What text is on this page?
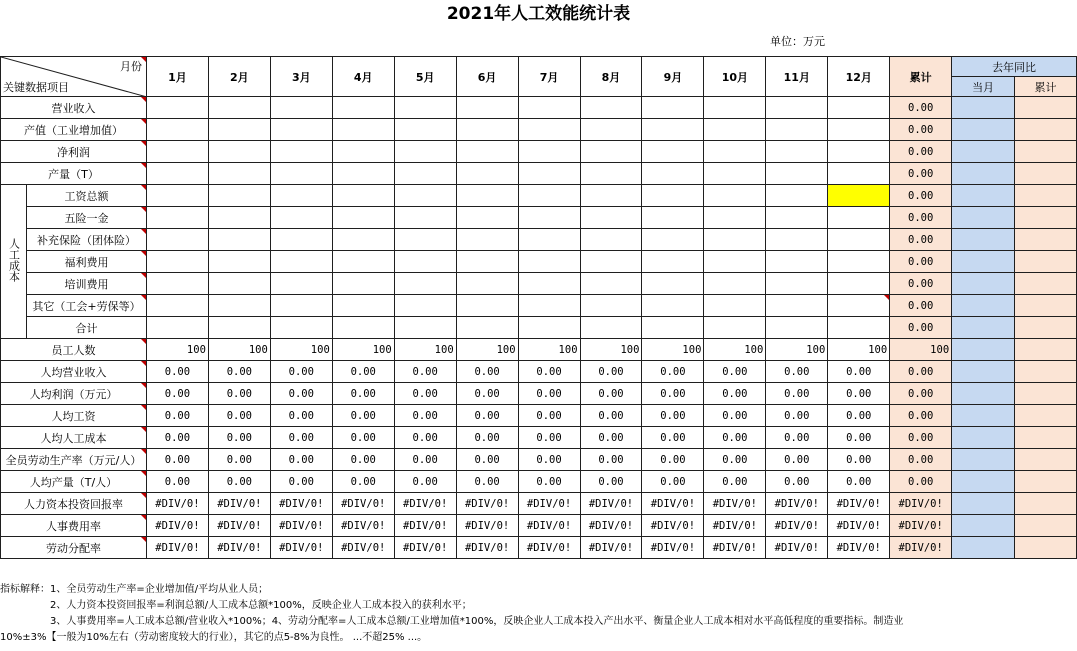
2021年人工效能统计表
单位：万元
月份
关键数据项目		1月	2月	3月	4月	5月	6月	7月	8月	9月	10月	11月	12月	累计	去年同比	
															当月	累计
营业收入														0.00		
产值（工业增加值）														0.00		
净利润														0.00		
产量（T）														0.00		
人工成本	工资总额													0.00		
	五险一金													0.00		
	补充保险（团体险）													0.00		
	福利费用													0.00		
	培训费用													0.00		
	其它（工会+劳保等）													0.00		
	合计													0.00		
员工人数		100	100	100	100	100	100	100	100	100	100	100	100	100		
人均营业收入		0.00	0.00	0.00	0.00	0.00	0.00	0.00	0.00	0.00	0.00	0.00	0.00	0.00		
人均利润（万元）		0.00	0.00	0.00	0.00	0.00	0.00	0.00	0.00	0.00	0.00	0.00	0.00	0.00		
人均工资		0.00	0.00	0.00	0.00	0.00	0.00	0.00	0.00	0.00	0.00	0.00	0.00	0.00		
人均人工成本		0.00	0.00	0.00	0.00	0.00	0.00	0.00	0.00	0.00	0.00	0.00	0.00	0.00		
全员劳动生产率（万元/人）		0.00	0.00	0.00	0.00	0.00	0.00	0.00	0.00	0.00	0.00	0.00	0.00	0.00		
人均产量（T/人）		0.00	0.00	0.00	0.00	0.00	0.00	0.00	0.00	0.00	0.00	0.00	0.00	0.00		
人力资本投资回报率		#DIV/0!	#DIV/0!	#DIV/0!	#DIV/0!	#DIV/0!	#DIV/0!	#DIV/0!	#DIV/0!	#DIV/0!	#DIV/0!	#DIV/0!	#DIV/0!	#DIV/0!		
人事费用率		#DIV/0!	#DIV/0!	#DIV/0!	#DIV/0!	#DIV/0!	#DIV/0!	#DIV/0!	#DIV/0!	#DIV/0!	#DIV/0!	#DIV/0!	#DIV/0!	#DIV/0!		
劳动分配率		#DIV/0!	#DIV/0!	#DIV/0!	#DIV/0!	#DIV/0!	#DIV/0!	#DIV/0!	#DIV/0!	#DIV/0!	#DIV/0!	#DIV/0!	#DIV/0!	#DIV/0!		
指标解释：1、全员劳动生产率=企业增加值/平均从业人员；
2、人力资本投资回报率=利润总额/人工成本总额*100%，反映企业人工成本投入的获利水平；
3、人事费用率=人工成本总额/营业收入*100%；4、劳动分配率=人工成本总额/工业增加值*100%，反映企业人工成本投入产出水平、衡量企业人工成本相对水平高低程度的重要指标。制造业
10%±3%【一般为10%左右（劳动密度较大的行业），其它的点5-8%为良性。 ...不超25% ...。
